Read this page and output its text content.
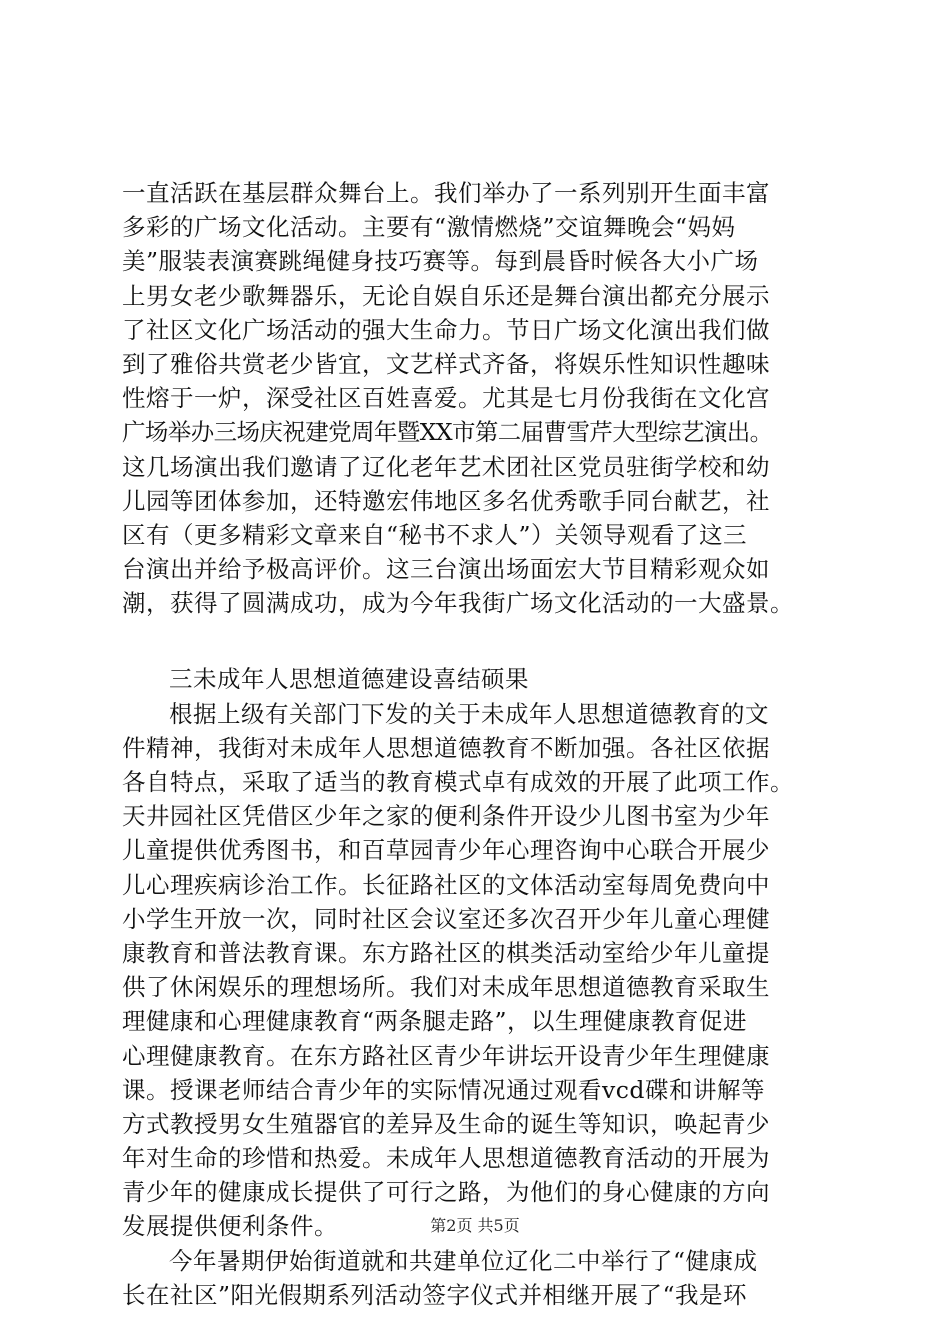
一直活跃在基层群众舞台上。我们举办了一系列别开生面丰富
多彩的广场文化活动。主要有“激情燃烧”交谊舞晚会“妈妈
美”服装表演赛跳绳健身技巧赛等。每到晨昏时候各大小广场
上男女老少歌舞器乐，无论自娱自乐还是舞台演出都充分展示
了社区文化广场活动的强大生命力。节日广场文化演出我们做
到了雅俗共赏老少皆宜，文艺样式齐备，将娱乐性知识性趣味
性熔于一炉，深受社区百姓喜爱。尤其是七月份我街在文化宫
广场举办三场庆祝建党周年暨XX市第二届曹雪芹大型综艺演出。
这几场演出我们邀请了辽化老年艺术团社区党员驻街学校和幼
儿园等团体参加，还特邀宏伟地区多名优秀歌手同台献艺，社
区有（更多精彩文章来自“秘书不求人”）关领导观看了这三
台演出并给予极高评价。这三台演出场面宏大节目精彩观众如
潮，获得了圆满成功，成为今年我街广场文化活动的一大盛景。
三未成年人思想道德建设喜结硕果
根据上级有关部门下发的关于未成年人思想道德教育的文
件精神，我街对未成年人思想道德教育不断加强。各社区依据
各自特点，采取了适当的教育模式卓有成效的开展了此项工作。
天井园社区凭借区少年之家的便利条件开设少儿图书室为少年
儿童提供优秀图书，和百草园青少年心理咨询中心联合开展少
儿心理疾病诊治工作。长征路社区的文体活动室每周免费向中
小学生开放一次，同时社区会议室还多次召开少年儿童心理健
康教育和普法教育课。东方路社区的棋类活动室给少年儿童提
供了休闲娱乐的理想场所。我们对未成年思想道德教育采取生
理健康和心理健康教育“两条腿走路”，以生理健康教育促进
心理健康教育。在东方路社区青少年讲坛开设青少年生理健康
课。授课老师结合青少年的实际情况通过观看vcd碟和讲解等
方式教授男女生殖器官的差异及生命的诞生等知识，唤起青少
年对生命的珍惜和热爱。未成年人思想道德教育活动的开展为
青少年的健康成长提供了可行之路，为他们的身心健康的方向
发展提供便利条件。
今年暑期伊始街道就和共建单位辽化二中举行了“健康成
长在社区”阳光假期系列活动签字仪式并相继开展了“我是环
第2页 共5页
